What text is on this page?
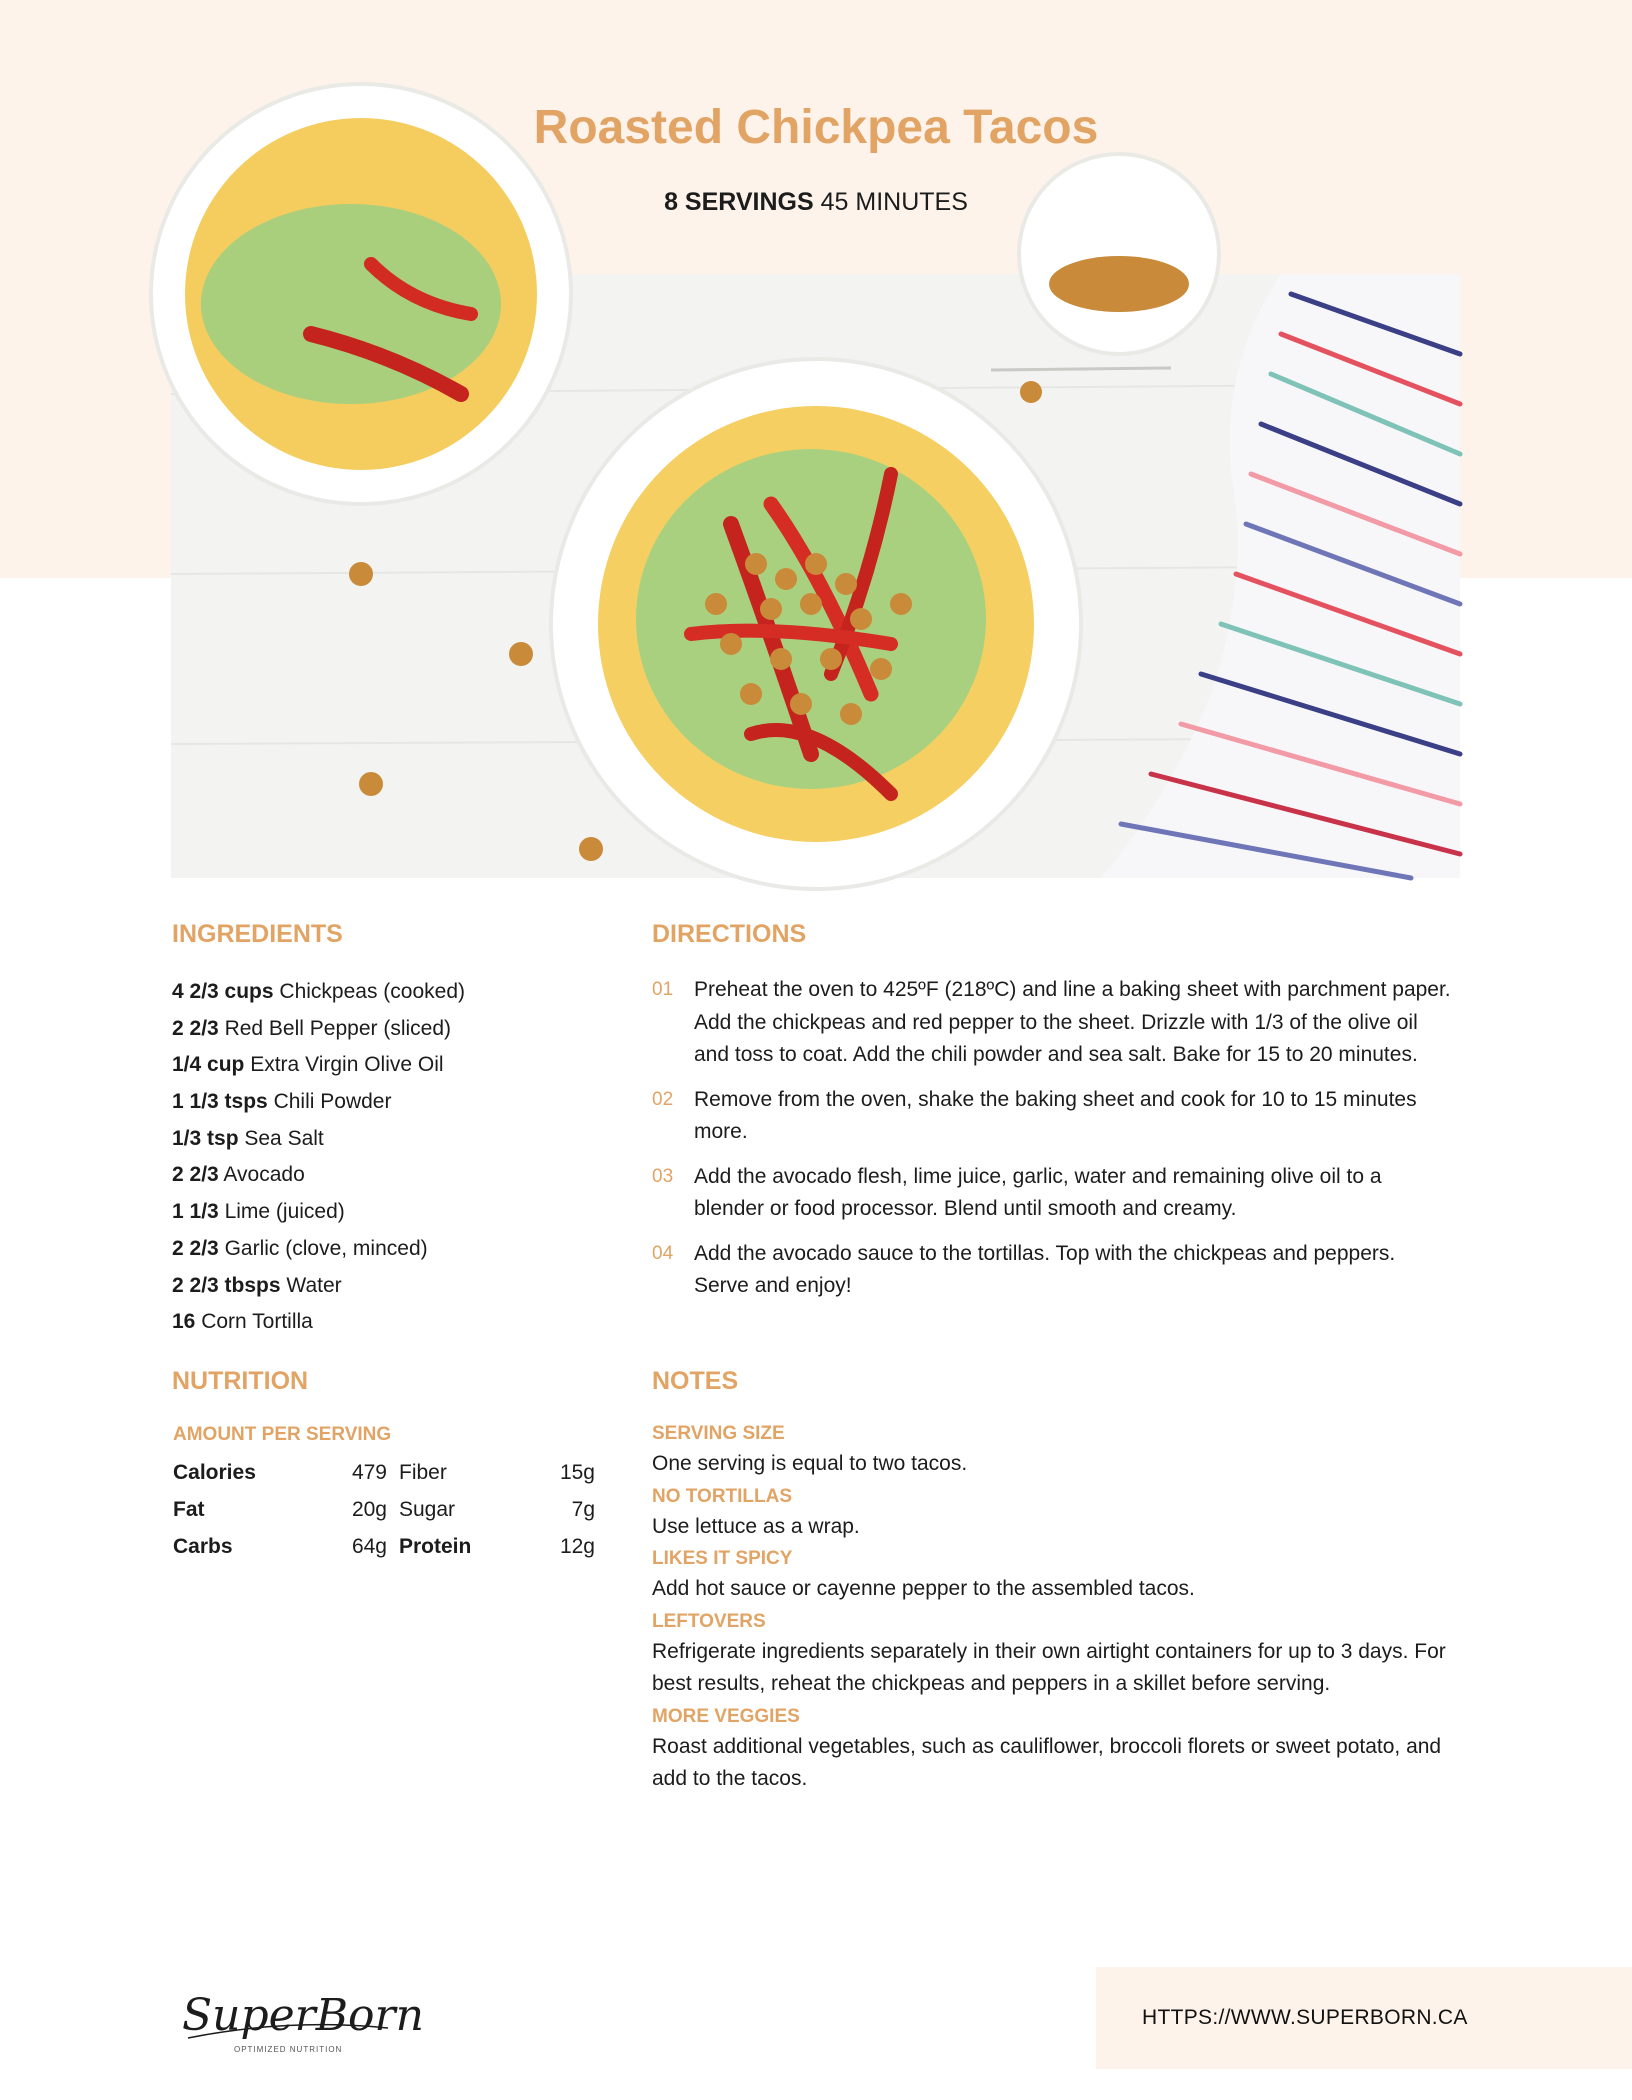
Roasted Chickpea Tacos
8 SERVINGS 45 MINUTES
INGREDIENTS
4 2/3 cups Chickpeas (cooked)
2 2/3 Red Bell Pepper (sliced)
1/4 cup Extra Virgin Olive Oil
1 1/3 tsps Chili Powder
1/3 tsp Sea Salt
2 2/3 Avocado
1 1/3 Lime (juiced)
2 2/3 Garlic (clove, minced)
2 2/3 tbsps Water
16 Corn Tortilla
DIRECTIONS
01 Preheat the oven to 425ºF (218ºC) and line a baking sheet with parchment paper. Add the chickpeas and red pepper to the sheet. Drizzle with 1/3 of the olive oil and toss to coat. Add the chili powder and sea salt. Bake for 15 to 20 minutes.
02 Remove from the oven, shake the baking sheet and cook for 10 to 15 minutes more.
03 Add the avocado flesh, lime juice, garlic, water and remaining olive oil to a blender or food processor. Blend until smooth and creamy.
04 Add the avocado sauce to the tortillas. Top with the chickpeas and peppers. Serve and enjoy!
NUTRITION
AMOUNT PER SERVING
Calories	479	Fiber	15g
Fat	20g	Sugar	7g
Carbs	64g	Protein	12g
NOTES
SERVING SIZE
One serving is equal to two tacos.
NO TORTILLAS
Use lettuce as a wrap.
LIKES IT SPICY
Add hot sauce or cayenne pepper to the assembled tacos.
LEFTOVERS
Refrigerate ingredients separately in their own airtight containers for up to 3 days. For best results, reheat the chickpeas and peppers in a skillet before serving.
MORE VEGGIES
Roast additional vegetables, such as cauliflower, broccoli florets or sweet potato, and add to the tacos.
SuperBorn
OPTIMIZED NUTRITION
HTTPS://WWW.SUPERBORN.CA
